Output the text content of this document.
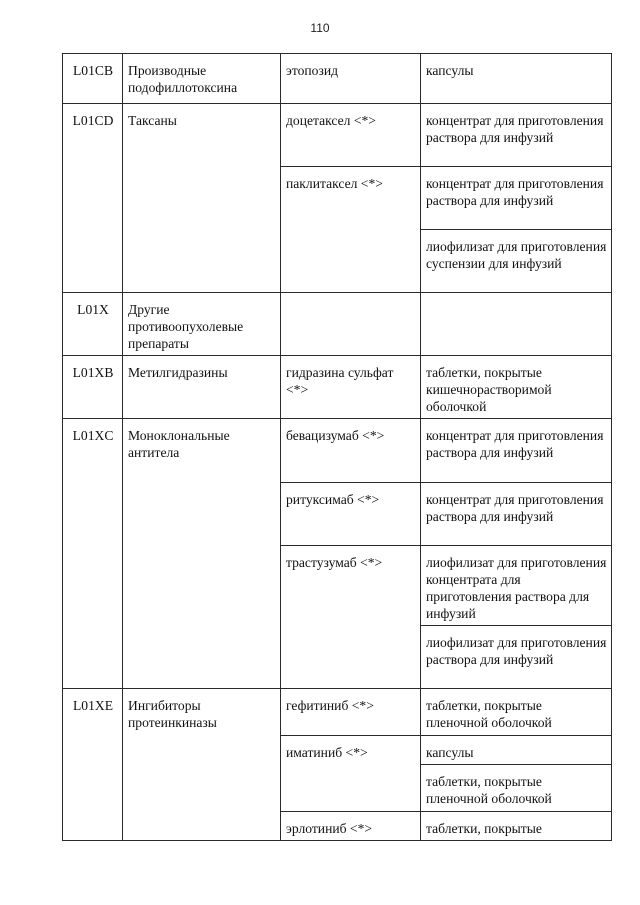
110
L01CB	Производные подофиллотоксина	этопозид	капсулы
L01CD	Таксаны	доцетаксел <*>	концентрат для приготовления раствора для инфузий
		паклитаксел <*>	концентрат для приготовления раствора для инфузий
			лиофилизат для приготовления суспензии для инфузий
L01X	Другие противоопухолевые препараты		
L01XB	Метилгидразины	гидразина сульфат <*>	таблетки, покрытые кишечнорастворимой оболочкой
L01XC	Моноклональные антитела	бевацизумаб <*>	концентрат для приготовления раствора для инфузий
		ритуксимаб <*>	концентрат для приготовления раствора для инфузий
		трастузумаб <*>	лиофилизат для приготовления концентрата для приготовления раствора для инфузий
			лиофилизат для приготовления раствора для инфузий
L01XE	Ингибиторы протеинкиназы	гефитиниб <*>	таблетки, покрытые пленочной оболочкой
		иматиниб <*>	капсулы
			таблетки, покрытые пленочной оболочкой
		эрлотиниб <*>	таблетки, покрытые
